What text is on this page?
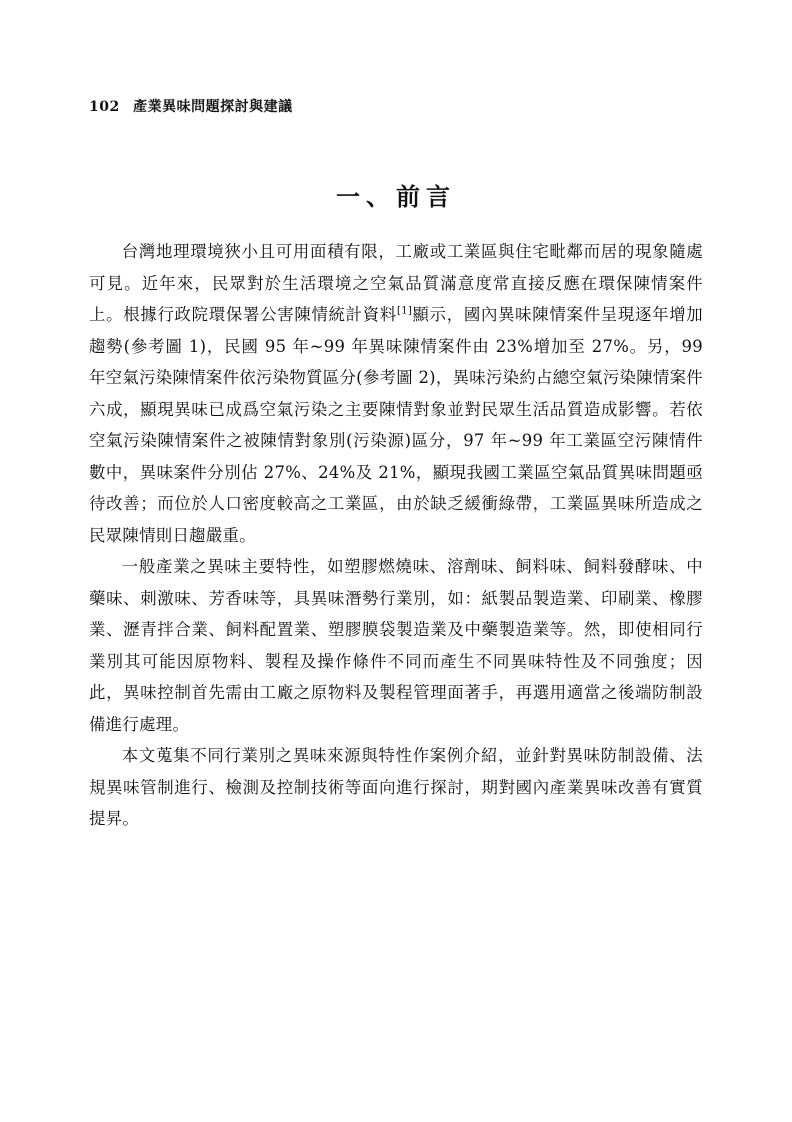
102 產業異味問題探討與建議
一、前言

台灣地理環境狹小且可用面積有限，工廠或工業區與住宅毗鄰而居的現象隨處可見。近年來，民眾對於生活環境之空氣品質滿意度常直接反應在環保陳情案件上。根據行政院環保署公害陳情統計資料[1]顯示，國內異味陳情案件呈現逐年增加趨勢(參考圖 1)，民國 95 年~99 年異味陳情案件由 23%增加至 27%。另，99 年空氣污染陳情案件依污染物質區分(參考圖 2)，異味污染約占總空氣污染陳情案件六成，顯現異味已成爲空氣污染之主要陳情對象並對民眾生活品質造成影響。若依空氣污染陳情案件之被陳情對象別(污染源)區分，97 年~99 年工業區空污陳情件數中，異味案件分別佔 27%、24%及 21%，顯現我國工業區空氣品質異味問題亟待改善；而位於人口密度較高之工業區，由於缺乏緩衝綠帶，工業區異味所造成之民眾陳情則日趨嚴重。

一般產業之異味主要特性，如塑膠燃燒味、溶劑味、飼料味、飼料發酵味、中藥味、刺激味、芳香味等，具異味潛勢行業別，如：紙製品製造業、印刷業、橡膠業、瀝青拌合業、飼料配置業、塑膠膜袋製造業及中藥製造業等。然，即使相同行業別其可能因原物料、製程及操作條件不同而產生不同異味特性及不同強度；因此，異味控制首先需由工廠之原物料及製程管理面著手，再選用適當之後端防制設備進行處理。

本文蒐集不同行業別之異味來源與特性作案例介紹，並針對異味防制設備、法規異味管制進行、檢測及控制技術等面向進行探討，期對國內產業異味改善有實質提昇。
